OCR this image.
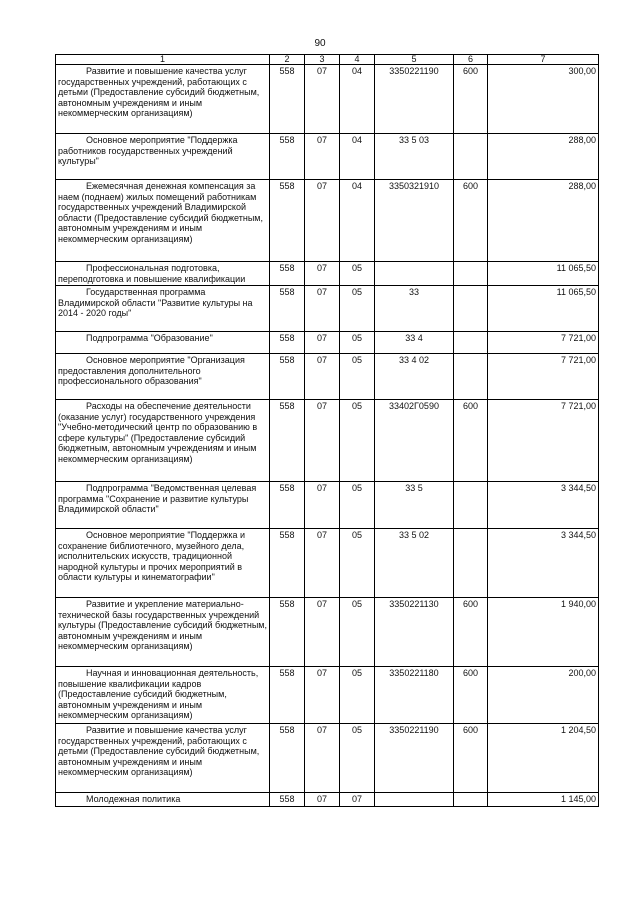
90
1	2	3	4	5	6	7

Развитие и повышение качества услуг государственных учреждений, работающих с детьми (Предоставление субсидий бюджетным, автономным учреждениям и иным некоммерческим организациям)	558	07	04	3350221190	600	300,00

Основное мероприятие "Поддержка работников государственных учреждений культуры"	558	07	04	33 5 03		288,00

Ежемесячная денежная компенсация за наем (поднаем) жилых помещений работникам государственных учреждений Владимирской области (Предоставление субсидий бюджетным, автономным учреждениям и иным некоммерческим организациям)	558	07	04	3350321910	600	288,00

Профессиональная подготовка, переподготовка и повышение квалификации	558	07	05			11 065,50

Государственная программа Владимирской области "Развитие культуры на 2014 - 2020 годы"	558	07	05	33		11 065,50

Подпрограмма "Образование"	558	07	05	33 4		7 721,00

Основное мероприятие "Организация предоставления дополнительного профессионального образования"	558	07	05	33 4 02		7 721,00

Расходы на обеспечение деятельности (оказание услуг) государственного учреждения "Учебно-методический центр по образованию в сфере культуры" (Предоставление субсидий бюджетным, автономным учреждениям и иным некоммерческим организациям)	558	07	05	33402Г0590	600	7 721,00

Подпрограмма "Ведомственная целевая программа "Сохранение и развитие культуры Владимирской области"	558	07	05	33 5		3 344,50

Основное мероприятие "Поддержка и сохранение библиотечного, музейного дела, исполнительских искусств, традиционной народной культуры и прочих мероприятий в области культуры и кинематографии"	558	07	05	33 5 02		3 344,50

Развитие и укрепление материально-технической базы государственных учреждений культуры (Предоставление субсидий бюджетным, автономным учреждениям и иным некоммерческим организациям)	558	07	05	3350221130	600	1 940,00

Научная и инновационная деятельность, повышение квалификации кадров (Предоставление субсидий бюджетным, автономным учреждениям и иным некоммерческим организациям)	558	07	05	3350221180	600	200,00

Развитие и повышение качества услуг государственных учреждений, работающих с детьми (Предоставление субсидий бюджетным, автономным учреждениям и иным некоммерческим организациям)	558	07	05	3350221190	600	1 204,50

Молодежная политика	558	07	07			1 145,00
